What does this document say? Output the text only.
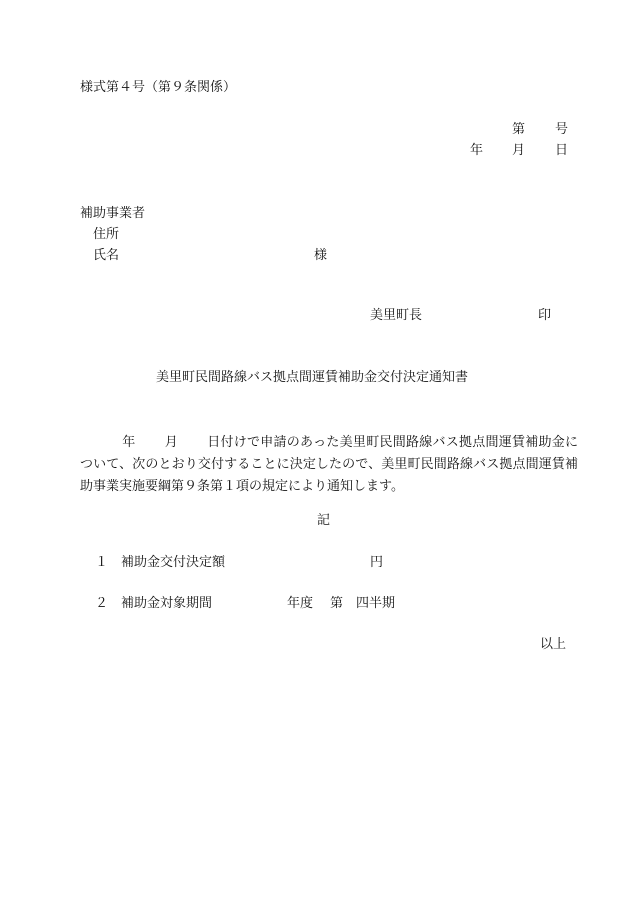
様式第４号（第９条関係）
第 号
年 月 日
補助事業者
住所
氏名	様
美里町長	印
美里町民間路線バス拠点間運賃補助金交付決定通知書
年 月 日付けで申請のあった美里町民間路線バス拠点間運賃補助金について、次のとおり交付することに決定したので、美里町民間路線バス拠点間運賃補助事業実施要綱第９条第１項の規定により通知します。
記
１ 補助金交付決定額	円
２ 補助金対象期間	年度 第 四半期
以上
